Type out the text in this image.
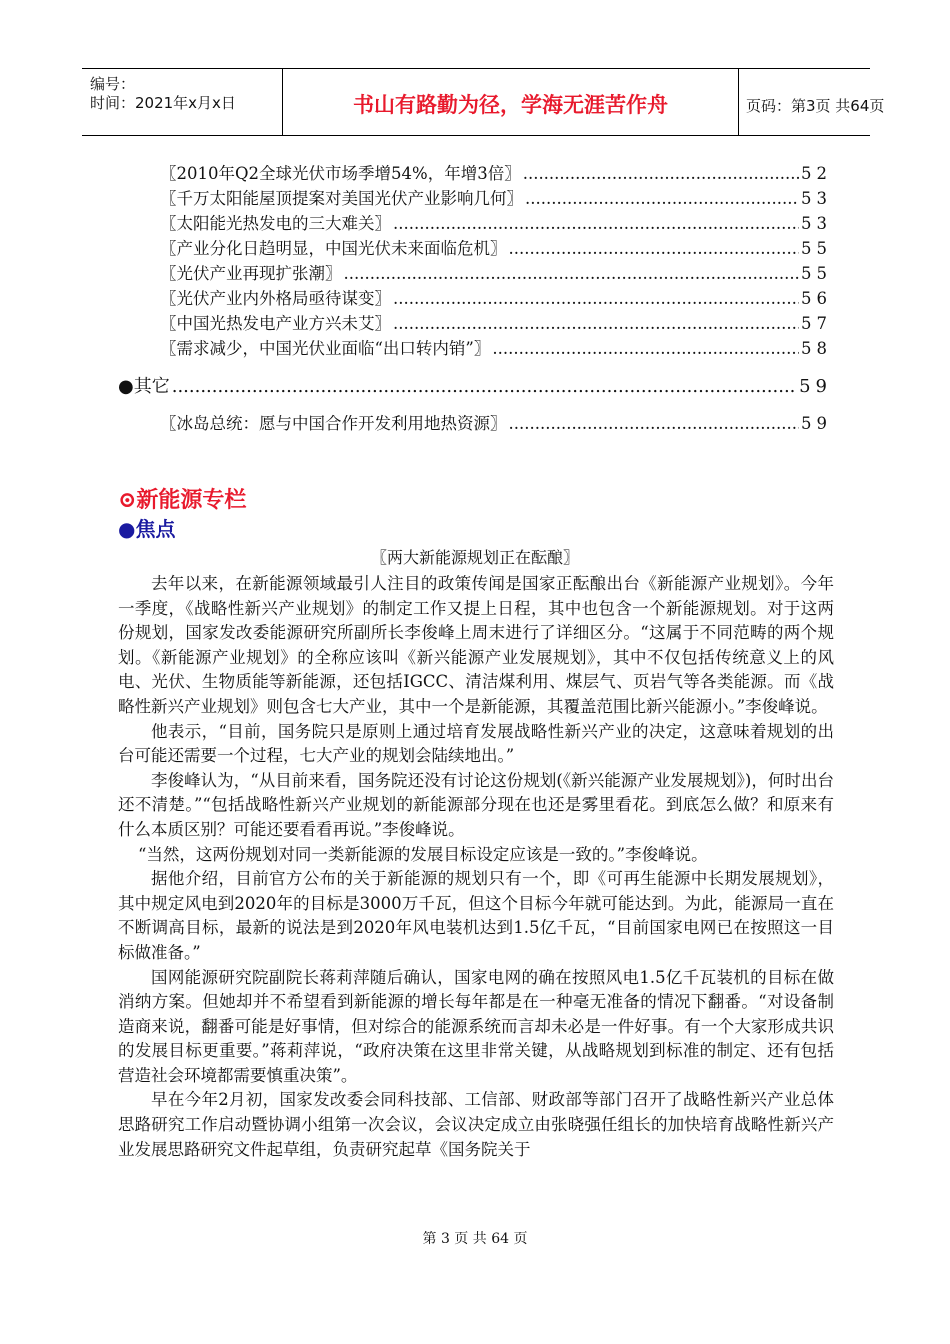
编号：
时间：2021年x月x日	书山有路勤为径，学海无涯苦作舟	页码：第3页 共64页
〖2010年Q2全球光伏市场季增54%，年增3倍〗 .....	52
〖千万太阳能屋顶提案对美国光伏产业影响几何〗 .....	53
〖太阳能光热发电的三大难关〗 .....	53
〖产业分化日趋明显，中国光伏未来面临危机〗 .....	55
〖光伏产业再现扩张潮〗 .....	55
〖光伏产业内外格局亟待谋变〗 .....	56
〖中国光热发电产业方兴未艾〗 .....	57
〖需求减少，中国光伏业面临“出口转内销”〗 .....	58
●其它 .....	59
〖冰岛总统：愿与中国合作开发利用地热资源〗 .....	59
⊙新能源专栏
●焦点
〖两大新能源规划正在酝酿〗

去年以来，在新能源领域最引人注目的政策传闻是国家正酝酿出台《新能源产业规划》。今年一季度，《战略性新兴产业规划》的制定工作又提上日程，其中也包含一个新能源规划。对于这两份规划，国家发改委能源研究所副所长李俊峰上周末进行了详细区分。“这属于不同范畴的两个规划。《新能源产业规划》的全称应该叫《新兴能源产业发展规划》，其中不仅包括传统意义上的风电、光伏、生物质能等新能源，还包括IGCC、清洁煤利用、煤层气、页岩气等各类能源。而《战略性新兴产业规划》则包含七大产业，其中一个是新能源，其覆盖范围比新兴能源小。”李俊峰说。

他表示，“目前，国务院只是原则上通过培育发展战略性新兴产业的决定，这意味着规划的出台可能还需要一个过程，七大产业的规划会陆续地出。”

李俊峰认为，“从目前来看，国务院还没有讨论这份规划(《新兴能源产业发展规划》)，何时出台还不清楚。”“包括战略性新兴产业规划的新能源部分现在也还是雾里看花。到底怎么做？和原来有什么本质区别？可能还要看看再说。”李俊峰说。

“当然，这两份规划对同一类新能源的发展目标设定应该是一致的。”李俊峰说。

据他介绍，目前官方公布的关于新能源的规划只有一个，即《可再生能源中长期发展规划》，其中规定风电到2020年的目标是3000万千瓦，但这个目标今年就可能达到。为此，能源局一直在不断调高目标，最新的说法是到2020年风电装机达到1.5亿千瓦，“目前国家电网已在按照这一目标做准备。”

国网能源研究院副院长蒋莉萍随后确认，国家电网的确在按照风电1.5亿千瓦装机的目标在做消纳方案。但她却并不希望看到新能源的增长每年都是在一种毫无准备的情况下翻番。“对设备制造商来说，翻番可能是好事情，但对综合的能源系统而言却未必是一件好事。有一个大家形成共识的发展目标更重要。”蒋莉萍说，“政府决策在这里非常关键，从战略规划到标准的制定、还有包括营造社会环境都需要慎重决策”。

早在今年2月初，国家发改委会同科技部、工信部、财政部等部门召开了战略性新兴产业总体思路研究工作启动暨协调小组第一次会议，会议决定成立由张晓强任组长的加快培育战略性新兴产业发展思路研究文件起草组，负责研究起草《国务院关于

第 3 页 共 64 页
